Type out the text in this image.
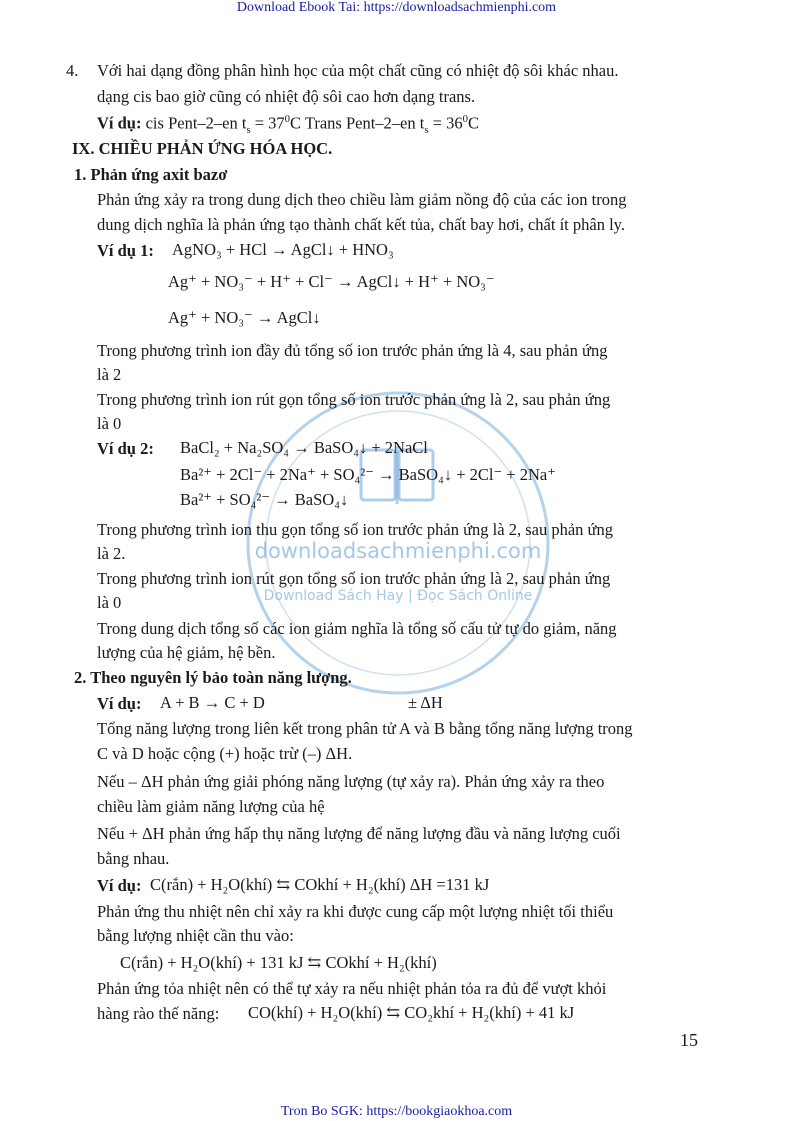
Download Ebook Tai: https://downloadsachmienphi.com
downloadsachmienphi.com
Download Sách Hay | Đọc Sách Online
4. Với hai dạng đồng phân hình học của một chất cũng có nhiệt độ sôi khác nhau.
dạng cis bao giờ cũng có nhiệt độ sôi cao hơn dạng trans.
Ví dụ: cis Pent–2–en $t_s = 37^0C$ Trans Pent–2–en $t_s = 36^0C$
IX. CHIỀU PHẢN ỨNG HÓA HỌC.
1. Phản ứng axit bazơ
Phản ứng xảy ra trong dung dịch theo chiều làm giảm nồng độ của các ion trong
dung dịch nghĩa là phản ứng tạo thành chất kết tủa, chất bay hơi, chất ít phân ly.
Ví dụ 1: AgNO₃ + HCl → AgCl↓ + HNO₃
Ag⁺ + NO₃⁻ + H⁺ + Cl⁻ → AgCl↓ + H⁺ + NO₃⁻
Ag⁺ + NO₃⁻ → AgCl↓
Trong phương trình ion đầy đủ tổng số ion trước phản ứng là 4, sau phản ứng
là 2
Trong phương trình ion rút gọn tổng số ion trước phản ứng là 2, sau phản ứng
là 0
Ví dụ 2: BaCl₂ + Na₂SO₄ → BaSO₄↓ + 2NaCl
Ba²⁺ + 2Cl⁻ + 2Na⁺ + SO₄²⁻ → BaSO₄↓ + 2Cl⁻ + 2Na⁺
Ba²⁺ + SO₄²⁻ → BaSO₄↓
Trong phương trình ion thu gọn tổng số ion trước phản ứng là 2, sau phản ứng
là 2.
Trong phương trình ion rút gọn tổng số ion trước phản ứng là 2, sau phản ứng
là 0
Trong dung dịch tổng số các ion giảm nghĩa là tổng số cấu tử tự do giảm, năng
lượng của hệ giảm, hệ bền.
2. Theo nguyên lý bảo toàn năng lượng.
Ví dụ: A + B → C + D	± ΔH
Tổng năng lượng trong liên kết trong phân tử A và B bằng tổng năng lượng trong
C và D hoặc cộng (+) hoặc trừ (–) ΔH.
Nếu – ΔH phản ứng giải phóng năng lượng (tự xảy ra). Phản ứng xảy ra theo
chiều làm giảm năng lượng của hệ
Nếu + ΔH phản ứng hấp thụ năng lượng để năng lượng đầu và năng lượng cuối
bằng nhau.
Ví dụ: C(rắn) + H₂O(khí) ⇆ COkhí + H₂(khí) ΔH =131 kJ
Phản ứng thu nhiệt nên chỉ xảy ra khi được cung cấp một lượng nhiệt tối thiểu
bằng lượng nhiệt cần thu vào:
C(rắn) + H₂O(khí) + 131 kJ ⇆ COkhí + H₂(khí)
Phản ứng tỏa nhiệt nên có thể tự xảy ra nếu nhiệt phản tỏa ra đủ để vượt khỏi
hàng rào thế năng: CO(khí) + H₂O(khí) ⇆ CO₂khí + H₂(khí) + 41 kJ
15
Tron Bo SGK: https://bookgiaokhoa.com
